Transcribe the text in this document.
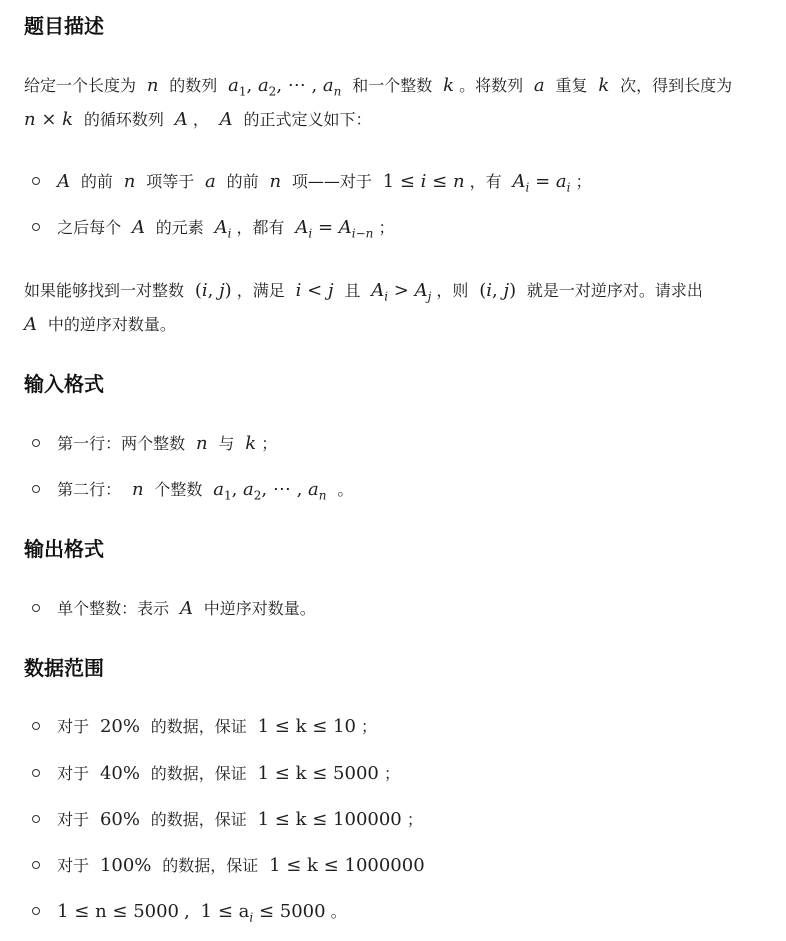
题目描述
给定一个长度为 n 的数列 $a_1$, $a_2$, ⋯ , $a_n$ 和一个整数 k 。将数列 a 重复 k 次，得到长度为
n × k 的循环数列 A ， A 的正式定义如下：
A 的前 n 项等于 a 的前 n 项——对于  1 ≤ i ≤ n ，有 $A_i = a_i$ ；
之后每个 A 的元素 $A_i$ ，都有 $A_i = A_{i-n}$ ；
如果能够找到一对整数  (i, j) ，满足 i < j 且 $A_i > A_j$ ，则  (i, j)  就是一对逆序对。请求出
A 中的逆序对数量。
输入格式
第一行：两个整数 n 与 k ；
第二行： n 个整数 $a_1$, $a_2$, ⋯ , $a_n$ 。
输出格式
单个整数：表示 A 中逆序对数量。
数据范围
对于 20% 的数据，保证 1 ≤ k ≤ 10 ；
对于 40% 的数据，保证 1 ≤ k ≤ 5000 ；
对于 60% 的数据，保证 1 ≤ k ≤ 100000 ；
对于 100% 的数据，保证 1 ≤ k ≤ 1000000
1 ≤ n ≤ 5000 , $1 \le a_i \le 5000$ 。
